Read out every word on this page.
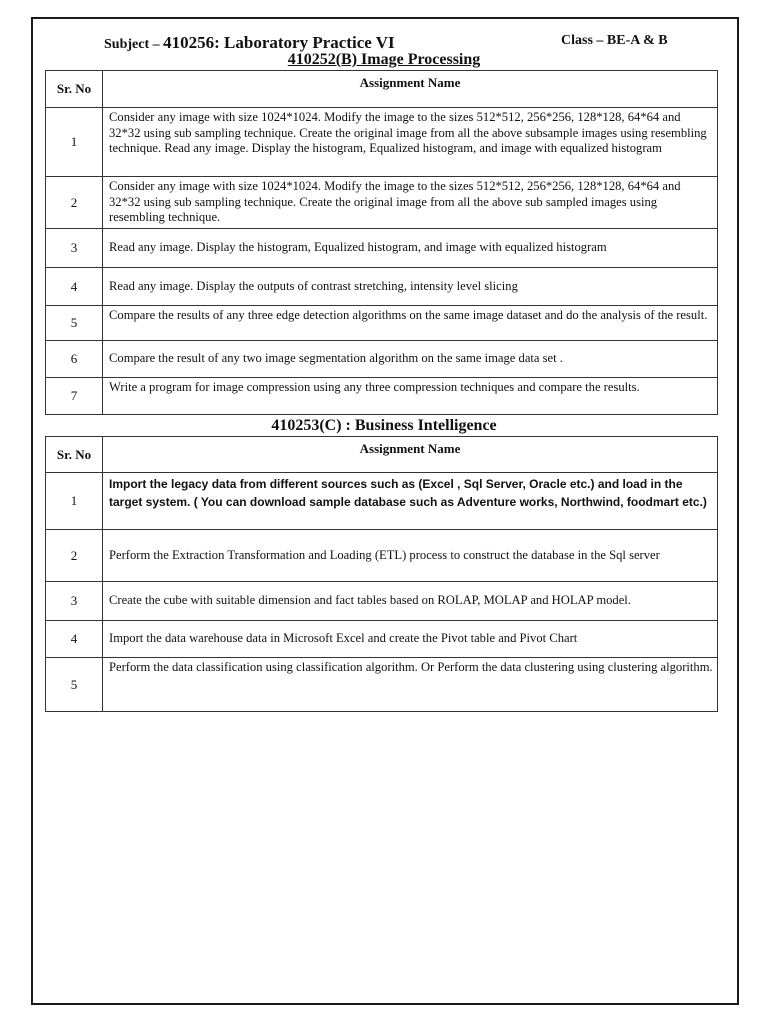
Subject – 410256: Laboratory Practice VI	Class – BE-A & B
410252(B) Image Processing
Sr. No	Assignment Name
1	Consider any image with size 1024*1024. Modify the image to the sizes 512*512, 256*256, 128*128, 64*64 and 32*32 using sub sampling technique. Create the original image from all the above subsample images using resembling technique. Read any image. Display the histogram, Equalized histogram, and image with equalized histogram
2	Consider any image with size 1024*1024. Modify the image to the sizes 512*512, 256*256, 128*128, 64*64 and 32*32 using sub sampling technique. Create the original image from all the above sub sampled images using resembling technique.
3	Read any image. Display the histogram, Equalized histogram, and image with equalized histogram
4	Read any image. Display the outputs of contrast stretching, intensity level slicing
5	Compare the results of any three edge detection algorithms on the same image dataset and do the analysis of the result.
6	Compare the result of any two image segmentation algorithm on the same image data set .
7	Write a program for image compression using any three compression techniques and compare the results.
410253(C) : Business Intelligence
Sr. No	Assignment Name
1	Import the legacy data from different sources such as (Excel , Sql Server, Oracle etc.) and load in the target system. ( You can download sample database such as Adventure works, Northwind, foodmart etc.)
2	Perform the Extraction Transformation and Loading (ETL) process to construct the database in the Sql server
3	Create the cube with suitable dimension and fact tables based on ROLAP, MOLAP and HOLAP model.
4	Import the data warehouse data in Microsoft Excel and create the Pivot table and Pivot Chart
5	Perform the data classification using classification algorithm. Or Perform the data clustering using clustering algorithm.
